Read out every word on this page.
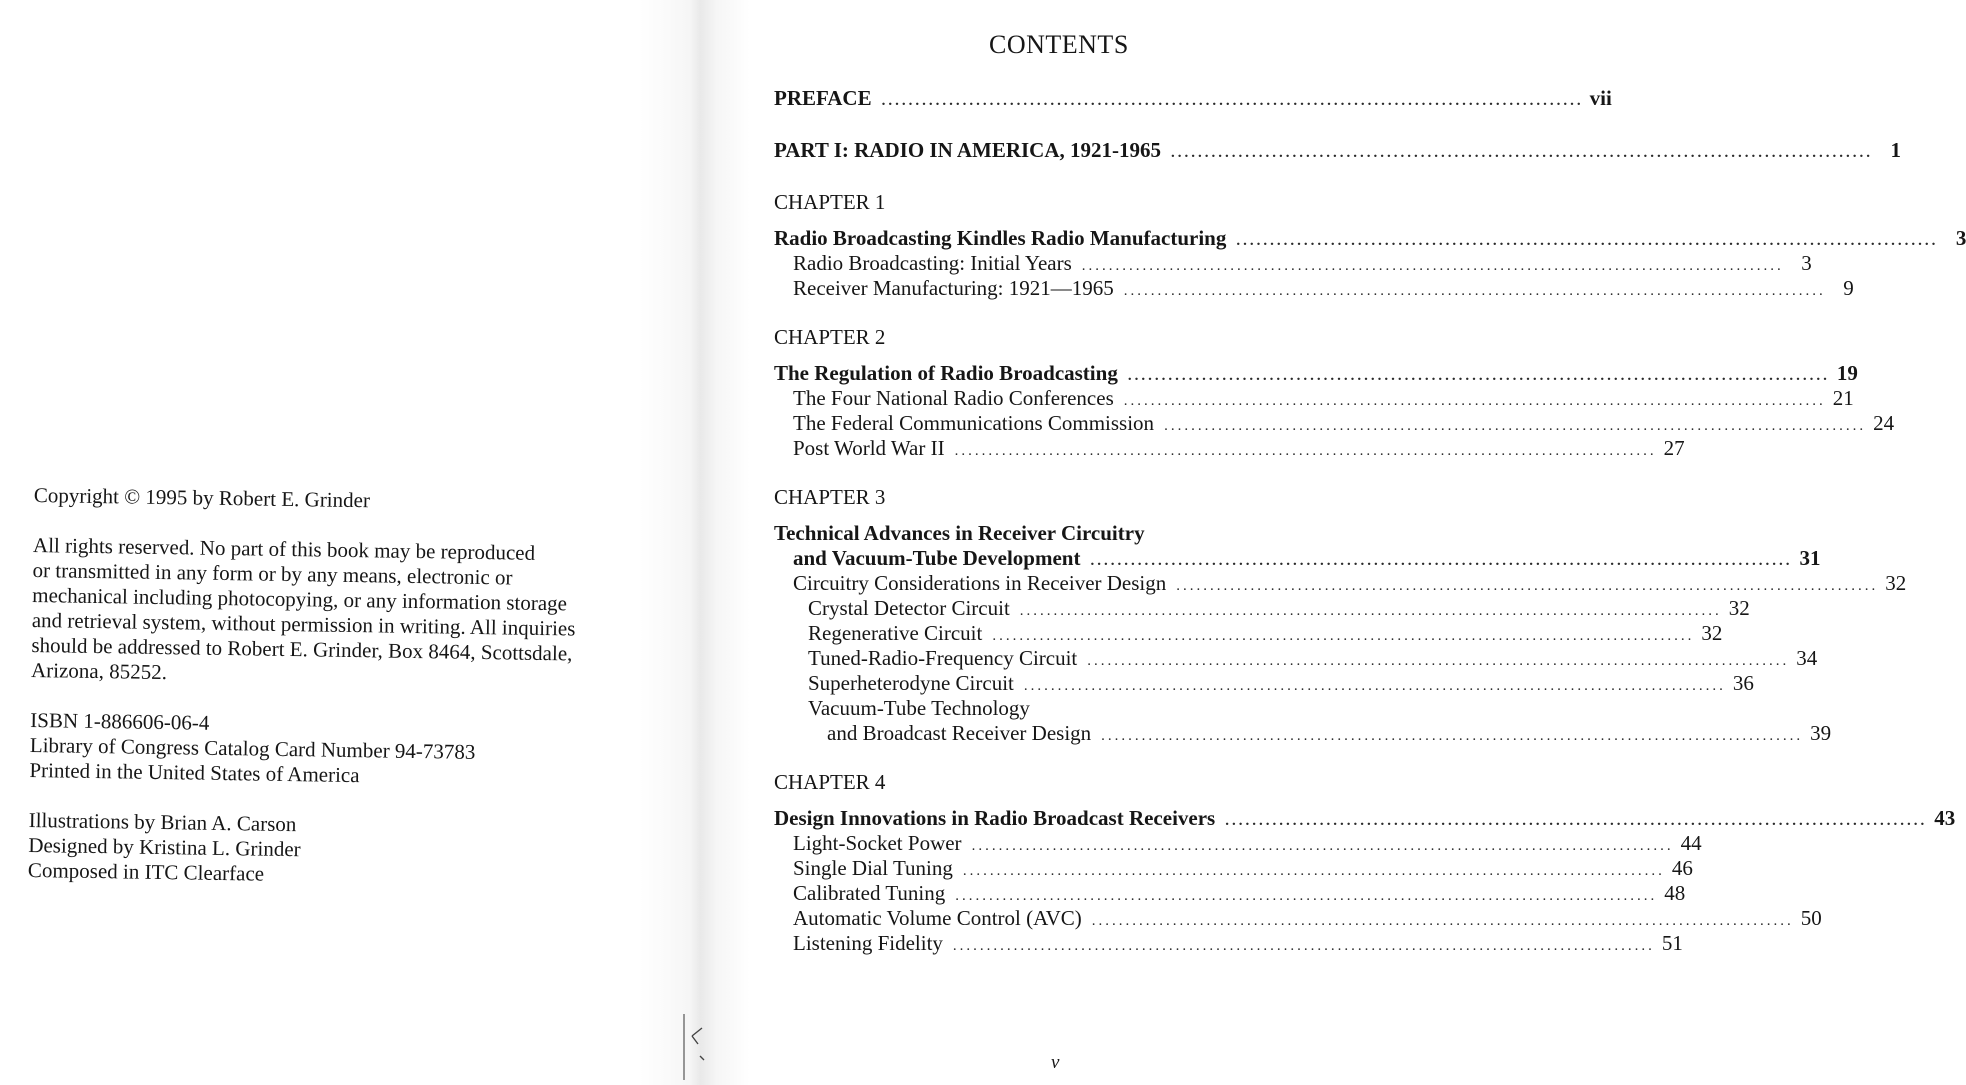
Copyright © 1995 by Robert E. Grinder

All rights reserved. No part of this book may be reproduced

or transmitted in any form or by any means, electronic or

mechanical including photocopying, or any information storage

and retrieval system, without permission in writing. All inquiries

should be addressed to Robert E. Grinder, Box 8464, Scottsdale,

Arizona, 85252.

ISBN 1-886606-06-4

Library of Congress Catalog Card Number 94-73783

Printed in the United States of America

Illustrations by Brian A. Carson

Designed by Kristina L. Grinder

Composed in ITC Clearface

CONTENTS
PREFACE ........................................................................................................ vii
PART I: RADIO IN AMERICA, 1921-1965 ........................................................................................................ 1
CHAPTER 1
Radio Broadcasting Kindles Radio Manufacturing ........................................................................................................ 3
Radio Broadcasting: Initial Years ........................................................................................................ 3
Receiver Manufacturing: 1921—1965 ........................................................................................................ 9
CHAPTER 2
The Regulation of Radio Broadcasting ........................................................................................................ 19
The Four National Radio Conferences ........................................................................................................ 21
The Federal Communications Commission ........................................................................................................ 24
Post World War II ........................................................................................................ 27
CHAPTER 3
Technical Advances in Receiver Circuitry
and Vacuum-Tube Development ........................................................................................................ 31
Circuitry Considerations in Receiver Design ........................................................................................................ 32
Crystal Detector Circuit ........................................................................................................ 32
Regenerative Circuit ........................................................................................................ 32
Tuned-Radio-Frequency Circuit ........................................................................................................ 34
Superheterodyne Circuit ........................................................................................................ 36
Vacuum-Tube Technology
and Broadcast Receiver Design ........................................................................................................ 39
CHAPTER 4
Design Innovations in Radio Broadcast Receivers ........................................................................................................ 43
Light-Socket Power ........................................................................................................ 44
Single Dial Tuning ........................................................................................................ 46
Calibrated Tuning ........................................................................................................ 48
Automatic Volume Control (AVC) ........................................................................................................ 50
Listening Fidelity ........................................................................................................ 51
v
